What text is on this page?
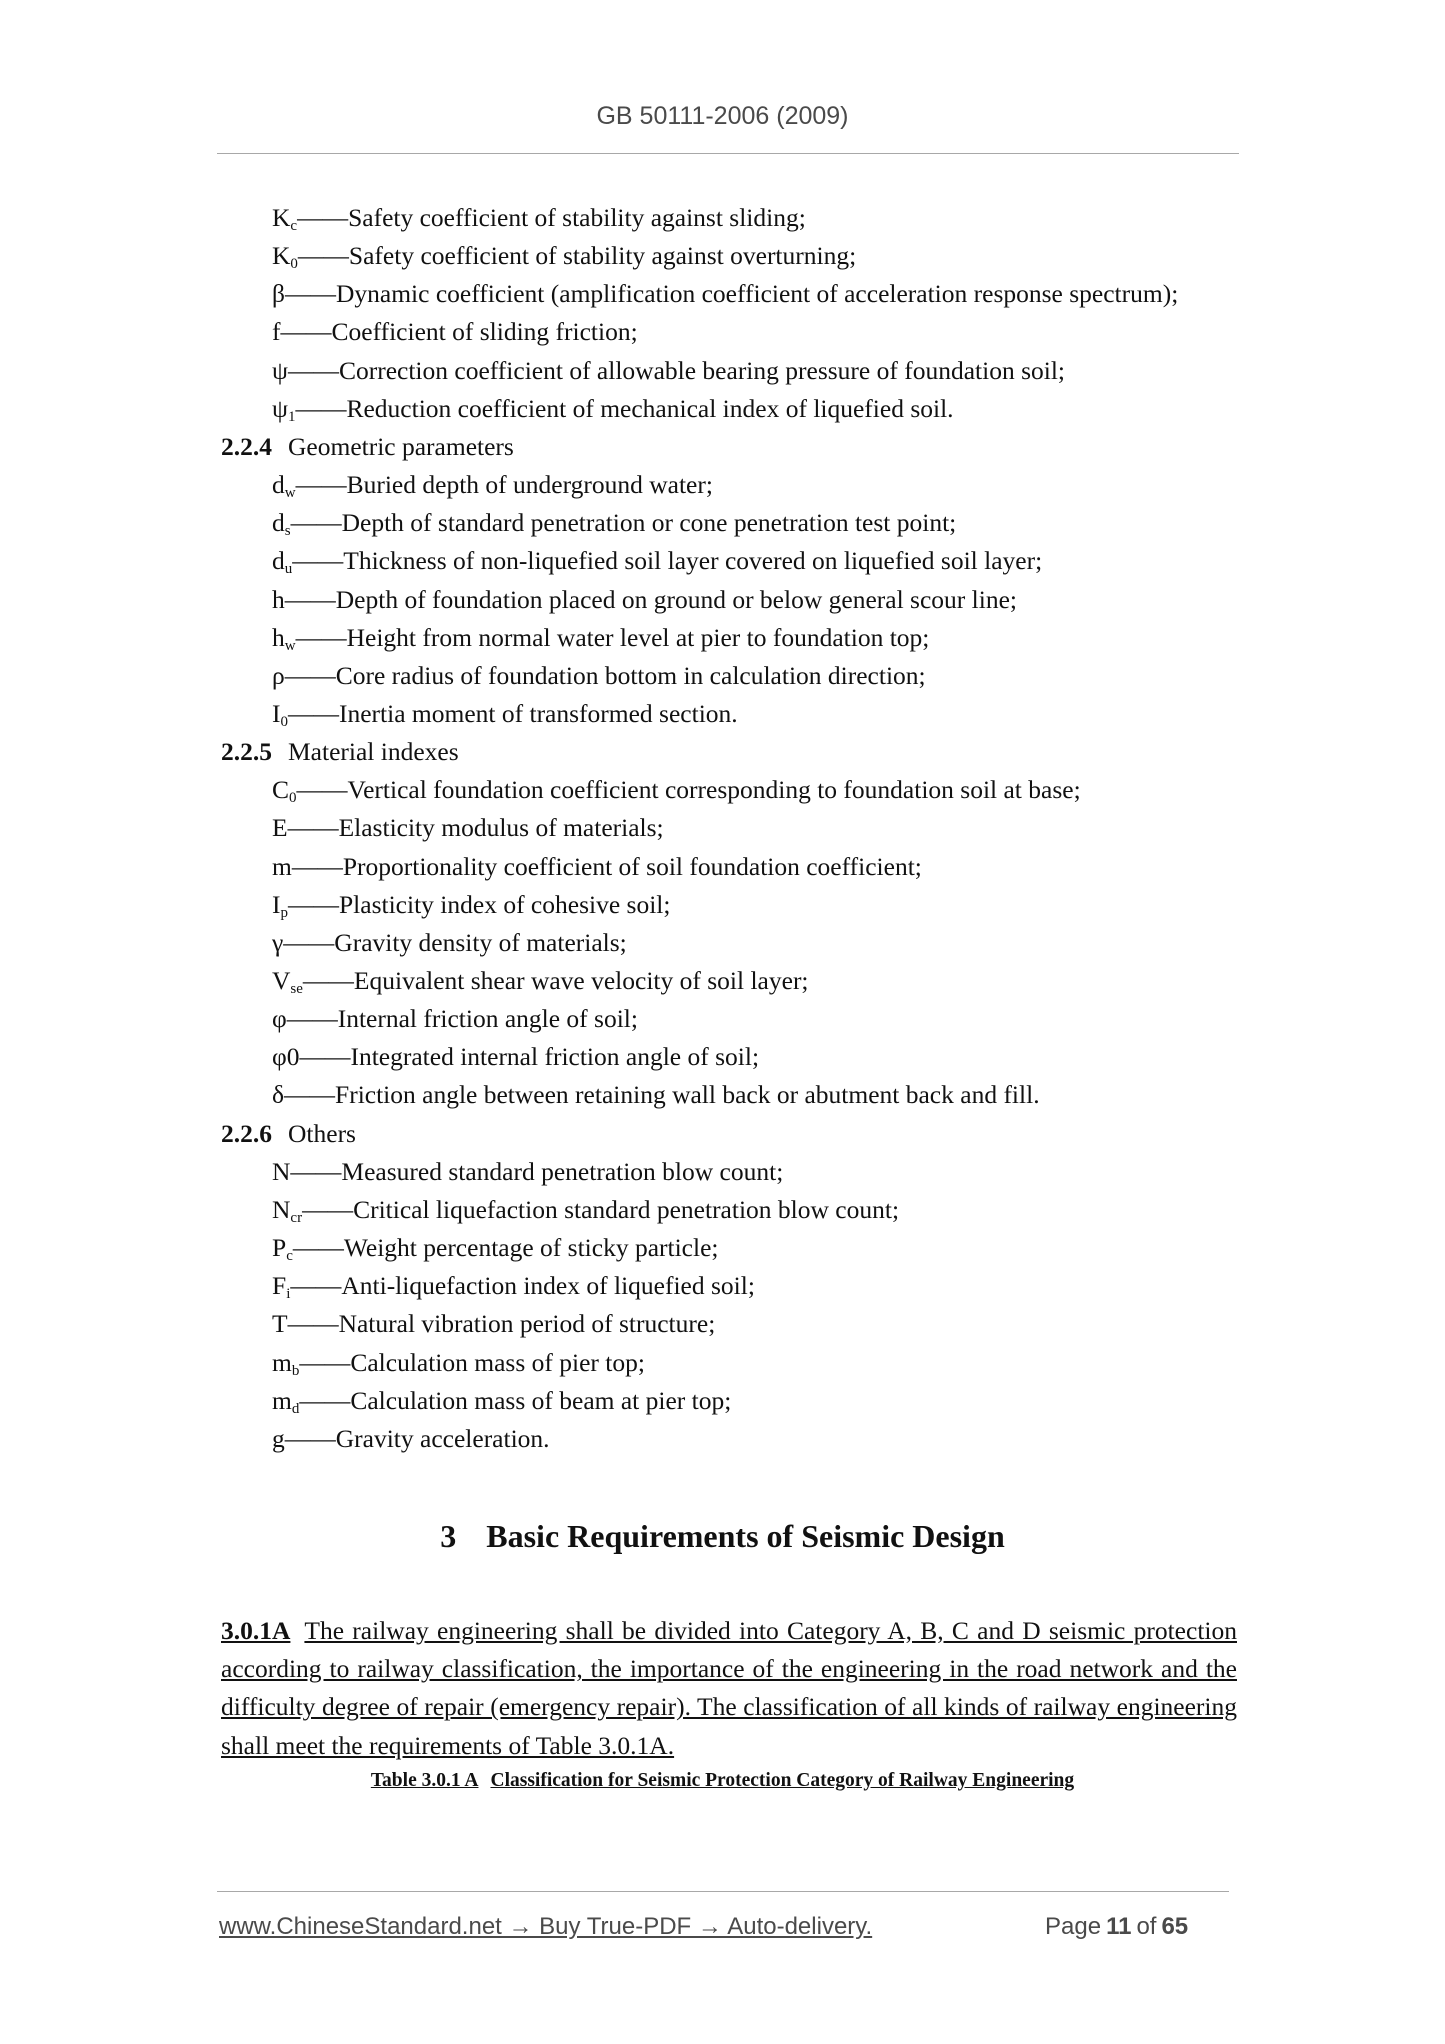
GB 50111-2006 (2009)
$K_c——Safety$ coefficient of stability against sliding;
$K_0——Safety$ coefficient of stability against overturning;
β——Dynamic coefficient (amplification coefficient of acceleration response spectrum);
f——Coefficient of sliding friction;
ψ——Correction coefficient of allowable bearing pressure of foundation soil;
$\psi_1——Reduction$ coefficient of mechanical index of liquefied soil.
2.2.4 Geometric parameters
$d_w——Buried$ depth of underground water;
$d_s——Depth$ of standard penetration or cone penetration test point;
$d_u——Thickness$ of non-liquefied soil layer covered on liquefied soil layer;
h——Depth of foundation placed on ground or below general scour line;
$h_w——Height$ from normal water level at pier to foundation top;
ρ——Core radius of foundation bottom in calculation direction;
$I_0——Inertia$ moment of transformed section.
2.2.5 Material indexes
$C_0——Vertical$ foundation coefficient corresponding to foundation soil at base;
E——Elasticity modulus of materials;
m——Proportionality coefficient of soil foundation coefficient;
$I_p——Plasticity$ index of cohesive soil;
γ——Gravity density of materials;
$V_{se}——Equivalent$ shear wave velocity of soil layer;
φ——Internal friction angle of soil;
φ0——Integrated internal friction angle of soil;
δ——Friction angle between retaining wall back or abutment back and fill.
2.2.6 Others
N——Measured standard penetration blow count;
$N_{cr}——Critical$ liquefaction standard penetration blow count;
$P_c——Weight$ percentage of sticky particle;
$F_i——Anti$-liquefaction index of liquefied soil;
T——Natural vibration period of structure;
$m_b——Calculation$ mass of pier top;
$m_d——Calculation$ mass of beam at pier top;
g——Gravity acceleration.
3 Basic Requirements of Seismic Design
3.0.1A The railway engineering shall be divided into Category A, B, C and D seismic protection according to railway classification, the importance of the engineering in the road network and the difficulty degree of repair (emergency repair). The classification of all kinds of railway engineering shall meet the requirements of Table 3.0.1A.
Table 3.0.1 A Classification for Seismic Protection Category of Railway Engineering
www.ChineseStandard.net → Buy True-PDF → Auto-delivery.	Page 11 of 65
